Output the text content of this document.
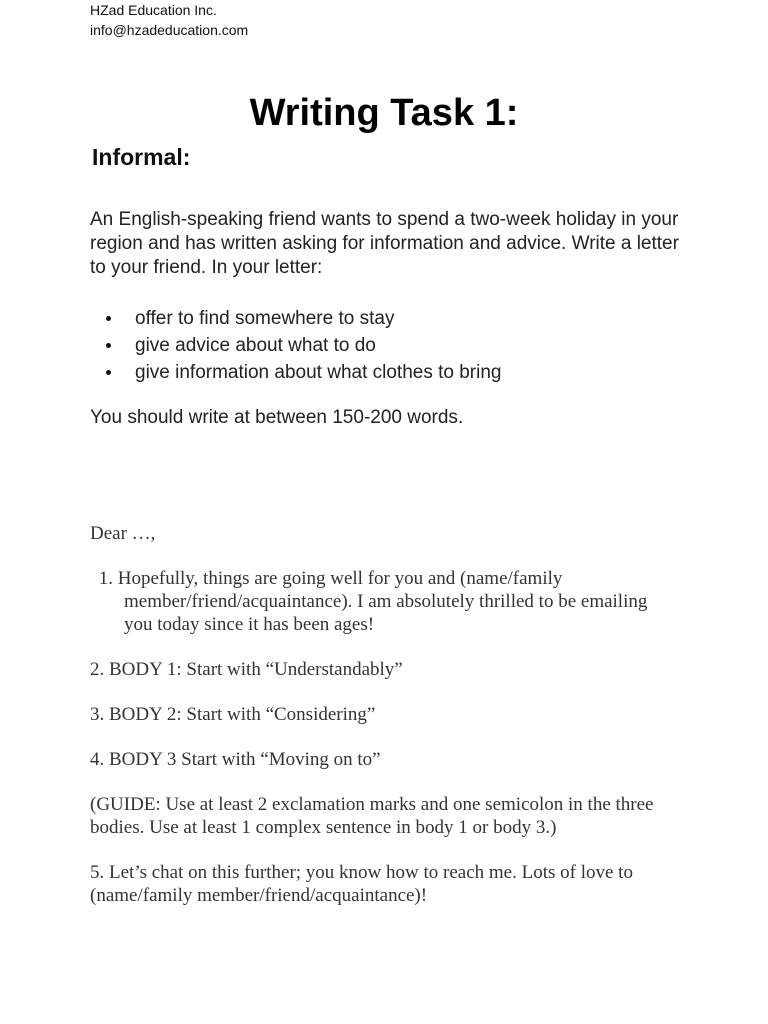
HZad Education Inc.
info@hzadeducation.com
Writing Task 1:
Informal:

An English-speaking friend wants to spend a two-week holiday in your region and has written asking for information and advice. Write a letter to your friend. In your letter:

offer to find somewhere to stay
give advice about what to do
give information about what clothes to bring

You should write at between 150-200 words.

Dear …,

1. Hopefully, things are going well for you and (name/family member/friend/acquaintance). I am absolutely thrilled to be emailing you today since it has been ages!

2. BODY 1: Start with “Understandably”

3. BODY 2: Start with “Considering”

4. BODY 3 Start with “Moving on to”

(GUIDE: Use at least 2 exclamation marks and one semicolon in the three bodies. Use at least 1 complex sentence in body 1 or body 3.)

5. Let’s chat on this further; you know how to reach me. Lots of love to (name/family member/friend/acquaintance)!
